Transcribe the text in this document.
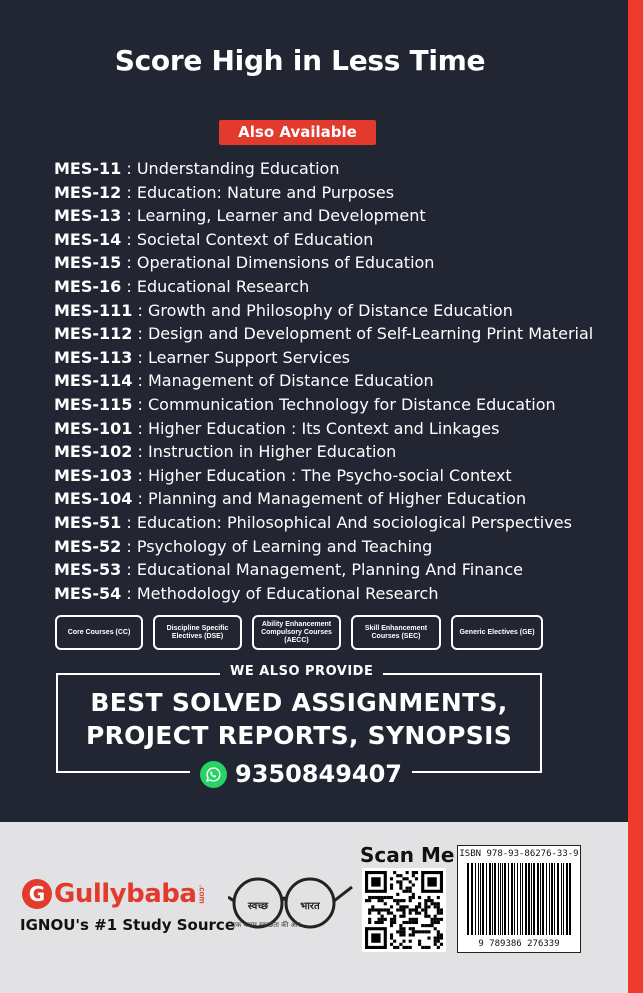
Score High in Less Time
Also Available
MES-11 : Understanding Education
MES-12 : Education: Nature and Purposes
MES-13 : Learning, Learner and Development
MES-14 : Societal Context of Education
MES-15 : Operational Dimensions of Education
MES-16 : Educational Research
MES-111 : Growth and Philosophy of Distance Education
MES-112 : Design and Development of Self-Learning Print Material
MES-113 : Learner Support Services
MES-114 : Management of Distance Education
MES-115 : Communication Technology for Distance Education
MES-101 : Higher Education : Its Context and Linkages
MES-102 : Instruction in Higher Education
MES-103 : Higher Education : The Psycho-social Context
MES-104 : Planning and Management of Higher Education
MES-51 : Education: Philosophical And sociological Perspectives
MES-52 : Psychology of Learning and Teaching
MES-53 : Educational Management, Planning And Finance
MES-54 : Methodology of Educational Research
Core Courses (CC)
Discipline Specific Electives (DSE)
Ability Enhancement Compulsory Courses (AECC)
Skill Enhancement Courses (SEC)
Generic Electives (GE)
WE ALSO PROVIDE
BEST SOLVED ASSIGNMENTS,
PROJECT REPORTS, SYNOPSIS
9350849407
G Gullybaba .com
IGNOU's #1 Study Source
स्वच्छ	भारत
एक कदम स्वच्छता की ओर
Scan Me ISBN 978-93-86276-33-9
9 789386 276339
